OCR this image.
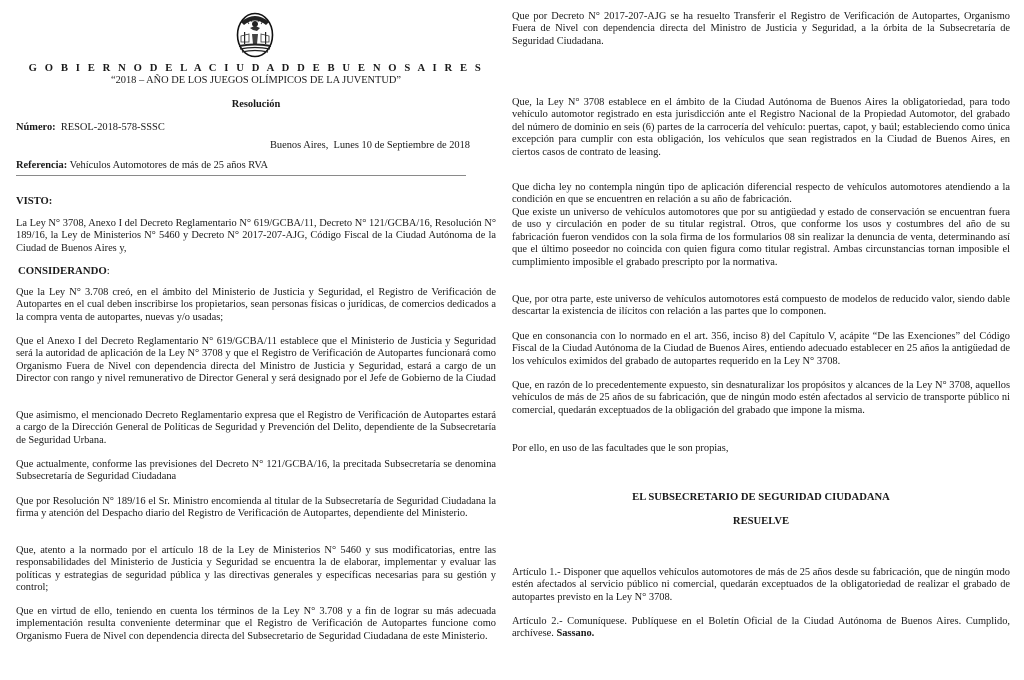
G O B I E R N O D E L A C I U D A D D E B U E N O S A I R E S
“2018 – AÑO DE LOS JUEGOS OLÍMPICOS DE LA JUVENTUD”
Resolución
Número: RESOL-2018-578-SSSC
Buenos Aires, Lunes 10 de Septiembre de 2018
Referencia: Vehículos Automotores de más de 25 años RVA
VISTO:

La Ley N° 3708, Anexo I del Decreto Reglamentario N° 619/GCBA/11, Decreto N° 121/GCBA/16, Resolución N° 189/16, la Ley de Ministerios N° 5460 y Decreto N° 2017-207-AJG, Código Fiscal de la Ciudad Autónoma de la Ciudad de Buenos Aires y,

CONSIDERANDO:

Que la Ley N° 3.708 creó, en el ámbito del Ministerio de Justicia y Seguridad, el Registro de Verificación de Autopartes en el cual deben inscribirse los propietarios, sean personas físicas o jurídicas, de comercios dedicados a la compra venta de autopartes, nuevas y/o usadas;

Que el Anexo I del Decreto Reglamentario N° 619/GCBA/11 establece que el Ministerio de Justicia y Seguridad será la autoridad de aplicación de la Ley N° 3708 y que el Registro de Verificación de Autopartes funcionará como Organismo Fuera de Nivel con dependencia directa del Ministro de Justicia y Seguridad, estará a cargo de un Director con rango y nivel remunerativo de Director General y será designado por el Jefe de Gobierno de la Ciudad

Que asimismo, el mencionado Decreto Reglamentario expresa que el Registro de Verificación de Autopartes estará a cargo de la Dirección General de Políticas de Seguridad y Prevención del Delito, dependiente de la Subsecretaría de Seguridad Urbana.

Que actualmente, conforme las previsiones del Decreto N° 121/GCBA/16, la precitada Subsecretaría se denomina Subsecretaría de Seguridad Ciudadana

Que por Resolución N° 189/16 el Sr. Ministro encomienda al titular de la Subsecretaría de Seguridad Ciudadana la firma y atención del Despacho diario del Registro de Verificación de Autopartes, dependiente del Ministerio.

Que, atento a la normado por el artículo 18 de la Ley de Ministerios N° 5460 y sus modificatorias, entre las responsabilidades del Ministerio de Justicia y Seguridad se encuentra la de elaborar, implementar y evaluar las políticas y estrategias de seguridad pública y las directivas generales y específicas necesarias para su gestión y control;

Que en virtud de ello, teniendo en cuenta los términos de la Ley N° 3.708 y a fin de lograr su más adecuada implementación resulta conveniente determinar que el Registro de Verificación de Autopartes funcione como Organismo Fuera de Nivel con dependencia directa del Subsecretario de Seguridad Ciudadana de este Ministerio.

Que por Decreto N° 2017-207-AJG se ha resuelto Transferir el Registro de Verificación de Autopartes, Organismo Fuera de Nivel con dependencia directa del Ministro de Justicia y Seguridad, a la órbita de la Subsecretaría de Seguridad Ciudadana.

Que, la Ley N° 3708 establece en el ámbito de la Ciudad Autónoma de Buenos Aires la obligatoriedad, para todo vehículo automotor registrado en esta jurisdicción ante el Registro Nacional de la Propiedad Automotor, del grabado del número de dominio en seis (6) partes de la carrocería del vehículo: puertas, capot, y baúl; estableciendo como única excepción para cumplir con esta obligación, los vehículos que sean registrados en la Ciudad de Buenos Aires, en ciertos casos de contrato de leasing.

Que dicha ley no contempla ningún tipo de aplicación diferencial respecto de vehículos automotores atendiendo a la condición en que se encuentren en relación a su año de fabricación.

Que existe un universo de vehículos automotores que por su antigüedad y estado de conservación se encuentran fuera de uso y circulación en poder de su titular registral. Otros, que conforme los usos y costumbres del año de su fabricación fueron vendidos con la sola firma de los formularios 08 sin realizar la denuncia de venta, determinando así que el último poseedor no coincida con quien figura como titular registral. Ambas circunstancias tornan imposible el cumplimiento imposible el grabado prescripto por la normativa.

Que, por otra parte, este universo de vehículos automotores está compuesto de modelos de reducido valor, siendo dable descartar la existencia de ilícitos con relación a las partes que lo componen.

Que en consonancia con lo normado en el art. 356, inciso 8) del Capítulo V, acápite “De las Exenciones” del Código Fiscal de la Ciudad Autónoma de la Ciudad de Buenos Aires, entiendo adecuado establecer en 25 años la antigüedad de los vehículos eximidos del grabado de autopartes requerido en la Ley N° 3708.

Que, en razón de lo precedentemente expuesto, sin desnaturalizar los propósitos y alcances de la Ley N° 3708, aquellos vehículos de más de 25 años de su fabricación, que de ningún modo estén afectados al servicio de transporte público ni comercial, quedarán exceptuados de la obligación del grabado que impone la misma.

Por ello, en uso de las facultades que le son propias,

EL SUBSECRETARIO DE SEGURIDAD CIUDADANA
RESUELVE

Artículo 1.- Disponer que aquellos vehículos automotores de más de 25 años desde su fabricación, que de ningún modo estén afectados al servicio público ni comercial, quedarán exceptuados de la obligatoriedad de realizar el grabado de autopartes previsto en la Ley N° 3708.

Artículo 2.- Comuníquese. Publíquese en el Boletín Oficial de la Ciudad Autónoma de Buenos Aires. Cumplido, archívese. Sassano.
